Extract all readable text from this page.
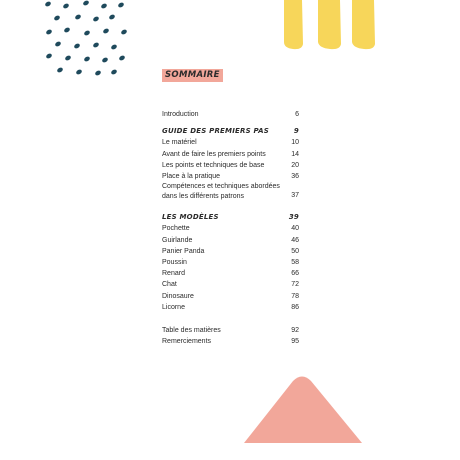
SOMMAIRE
Introduction	6
GUIDE DES PREMIERS PAS	9
Le matériel	10
Avant de faire les premiers points	14
Les points et techniques de base	20
Place à la pratique	36
Compétences et techniques abordées dans les différents patrons	37
LES MODÈLES	39
Pochette	40
Guirlande	46
Panier Panda	50
Poussin	58
Renard	66
Chat	72
Dinosaure	78
Licorne	86
Table des matières	92
Remerciements	95
